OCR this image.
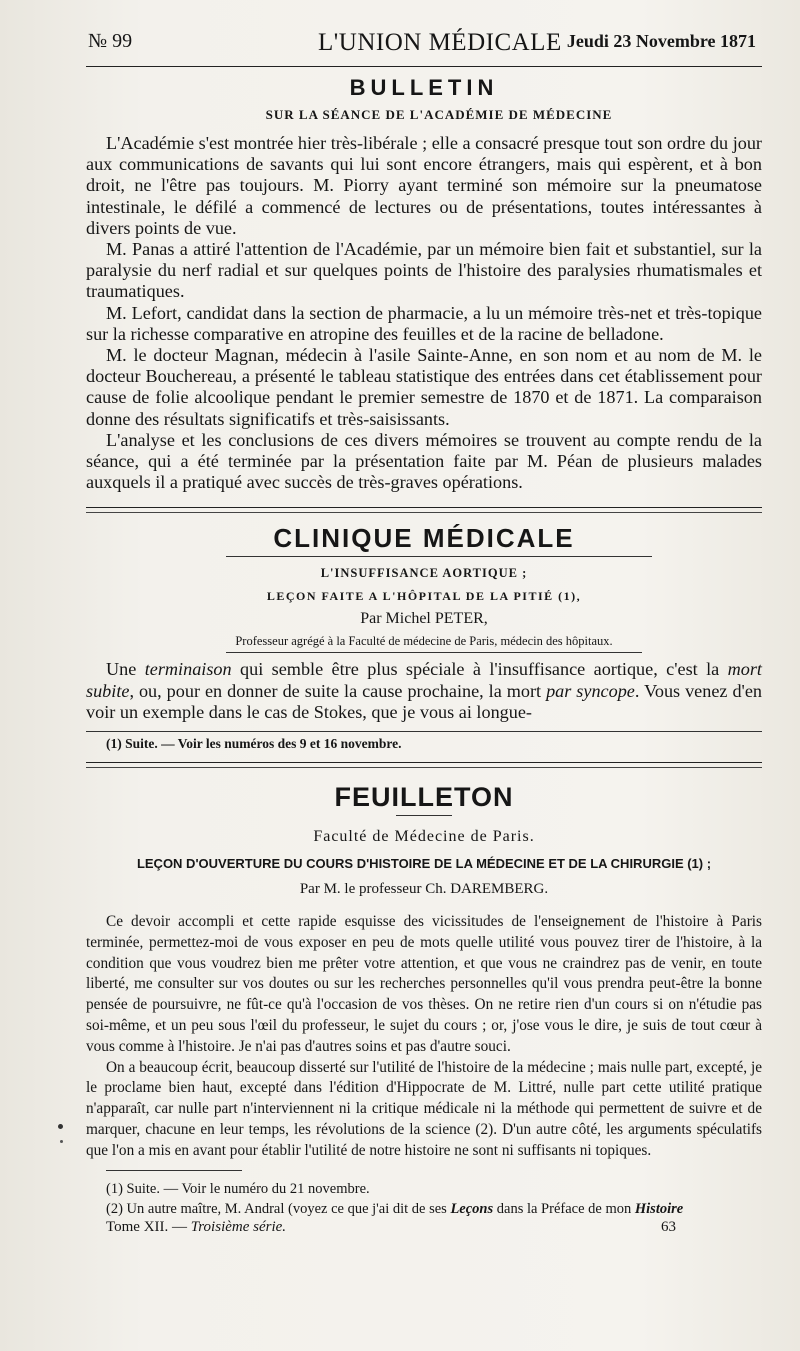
№ 99	L'UNION MÉDICALE Jeudi 23 Novembre 1871
BULLETIN
SUR LA SÉANCE DE L'ACADÉMIE DE MÉDECINE

L'Académie s'est montrée hier très-libérale ; elle a consacré presque tout son ordre du jour aux communications de savants qui lui sont encore étrangers, mais qui espèrent, et à bon droit, ne l'être pas toujours. M. Piorry ayant terminé son mémoire sur la pneumatose intestinale, le défilé a commencé de lectures ou de présentations, toutes intéressantes à divers points de vue.

M. Panas a attiré l'attention de l'Académie, par un mémoire bien fait et substantiel, sur la paralysie du nerf radial et sur quelques points de l'histoire des paralysies rhumatismales et traumatiques.

M. Lefort, candidat dans la section de pharmacie, a lu un mémoire très-net et très-topique sur la richesse comparative en atropine des feuilles et de la racine de belladone.

M. le docteur Magnan, médecin à l'asile Sainte-Anne, en son nom et au nom de M. le docteur Bouchereau, a présenté le tableau statistique des entrées dans cet établissement pour cause de folie alcoolique pendant le premier semestre de 1870 et de 1871. La comparaison donne des résultats significatifs et très-saisissants.

L'analyse et les conclusions de ces divers mémoires se trouvent au compte rendu de la séance, qui a été terminée par la présentation faite par M. Péan de plusieurs malades auxquels il a pratiqué avec succès de très-graves opérations.

CLINIQUE MÉDICALE
L'INSUFFISANCE AORTIQUE ;
LEÇON FAITE A L'HÔPITAL DE LA PITIÉ (1),
Par Michel PETER,
Professeur agrégé à la Faculté de médecine de Paris, médecin des hôpitaux.

Une terminaison qui semble être plus spéciale à l'insuffisance aortique, c'est la mort subite, ou, pour en donner de suite la cause prochaine, la mort par syncope. Vous venez d'en voir un exemple dans le cas de Stokes, que je vous ai longue-

(1) Suite. — Voir les numéros des 9 et 16 novembre.

FEUILLETON
Faculté de Médecine de Paris.
LEÇON D'OUVERTURE DU COURS D'HISTOIRE DE LA MÉDECINE ET DE LA CHIRURGIE (1) ;
Par M. le professeur Ch. DAREMBERG.

Ce devoir accompli et cette rapide esquisse des vicissitudes de l'enseignement de l'histoire à Paris terminée, permettez-moi de vous exposer en peu de mots quelle utilité vous pouvez tirer de l'histoire, à la condition que vous voudrez bien me prêter votre attention, et que vous ne craindrez pas de venir, en toute liberté, me consulter sur vos doutes ou sur les recherches personnelles qu'il vous prendra peut-être la bonne pensée de poursuivre, ne fût-ce qu'à l'occasion de vos thèses. On ne retire rien d'un cours si on n'étudie pas soi-même, et un peu sous l'œil du professeur, le sujet du cours ; or, j'ose vous le dire, je suis de tout cœur à vous comme à l'histoire. Je n'ai pas d'autres soins et pas d'autre souci.

On a beaucoup écrit, beaucoup disserté sur l'utilité de l'histoire de la médecine ; mais nulle part, excepté, je le proclame bien haut, excepté dans l'édition d'Hippocrate de M. Littré, nulle part cette utilité pratique n'apparaît, car nulle part n'interviennent ni la critique médicale ni la méthode qui permettent de suivre et de marquer, chacune en leur temps, les révolutions de la science (2). D'un autre côté, les arguments spéculatifs que l'on a mis en avant pour établir l'utilité de notre histoire ne sont ni suffisants ni topiques.

(1) Suite. — Voir le numéro du 21 novembre.

(2) Un autre maître, M. Andral (voyez ce que j'ai dit de ses Leçons dans la Préface de mon Histoire

Tome XII. — Troisième série.	63
